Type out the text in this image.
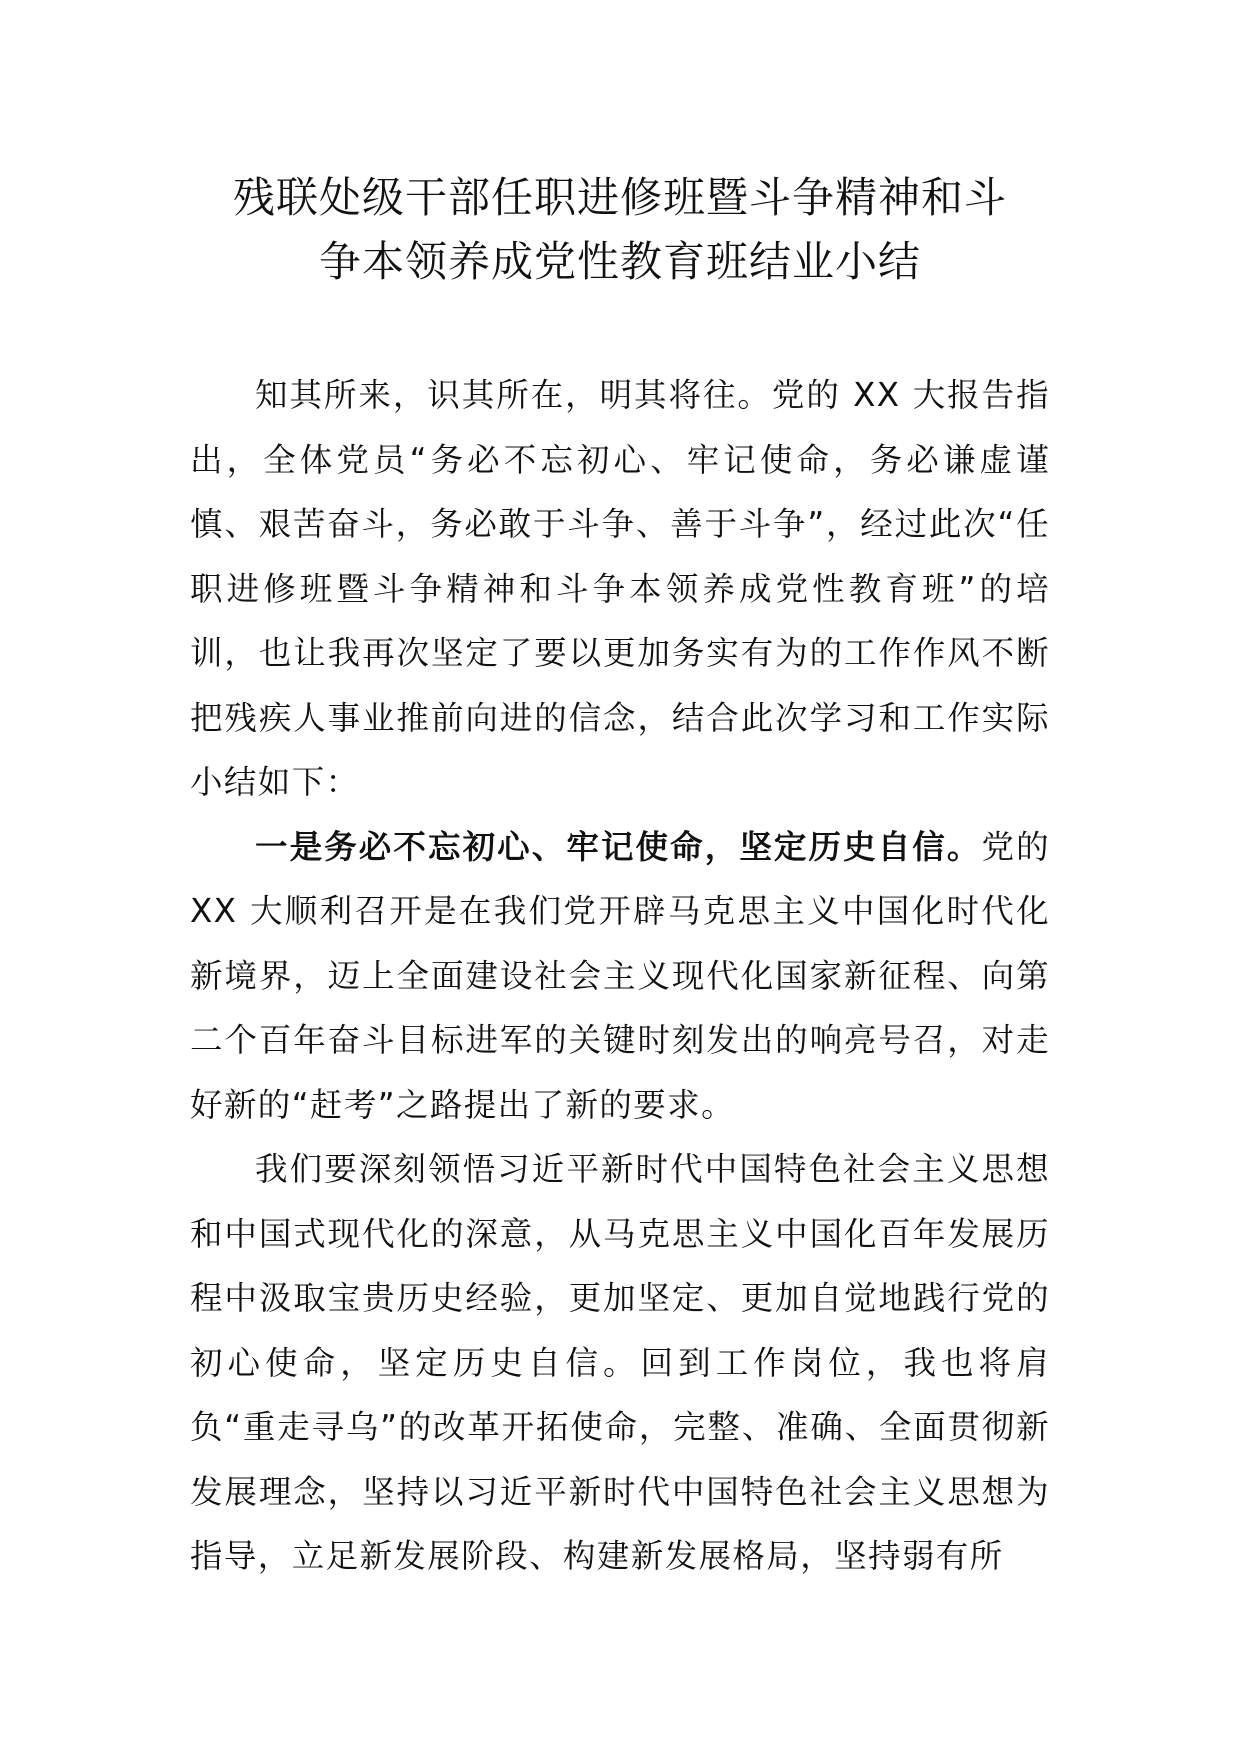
残联处级干部任职进修班暨斗争精神和斗
争本领养成党性教育班结业小结

知其所来，识其所在，明其将往。党的 XX 大报告指出，全体党员“务必不忘初心、牢记使命，务必谦虚谨慎、艰苦奋斗，务必敢于斗争、善于斗争”，经过此次“任职进修班暨斗争精神和斗争本领养成党性教育班”的培训，也让我再次坚定了要以更加务实有为的工作作风不断把残疾人事业推前向进的信念，结合此次学习和工作实际小结如下：

一是务必不忘初心、牢记使命，坚定历史自信。党的 XX 大顺利召开是在我们党开辟马克思主义中国化时代化新境界，迈上全面建设社会主义现代化国家新征程、向第二个百年奋斗目标进军的关键时刻发出的响亮号召，对走好新的“赶考”之路提出了新的要求。

我们要深刻领悟习近平新时代中国特色社会主义思想和中国式现代化的深意，从马克思主义中国化百年发展历程中汲取宝贵历史经验，更加坚定、更加自觉地践行党的初心使命，坚定历史自信。回到工作岗位，我也将肩负“重走寻乌”的改革开拓使命，完整、准确、全面贯彻新发展理念，坚持以习近平新时代中国特色社会主义思想为指导，立足新发展阶段、构建新发展格局，坚持弱有所
